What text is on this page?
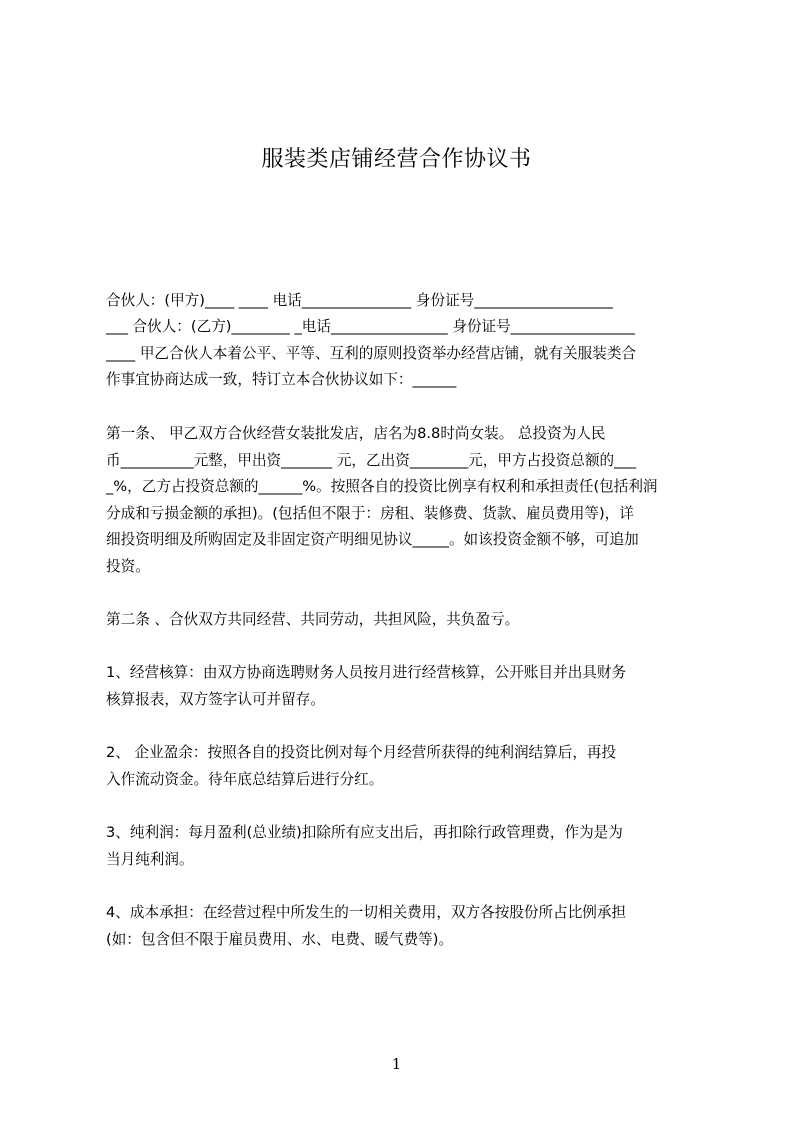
服装类店铺经营合作协议书
合伙人：(甲方)____ ____ 电话_______________ 身份证号___________________
___ 合伙人：(乙方)________ _电话________________ 身份证号_________________
____ 甲乙合伙人本着公平、平等、互利的原则投资举办经营店铺，就有关服装类合
作事宜协商达成一致，特订立本合伙协议如下：______
第一条、 甲乙双方合伙经营女装批发店，店名为8.8时尚女装。 总投资为人民
币__________元整，甲出资_______ 元，乙出资________元，甲方占投资总额的___
_%，乙方占投资总额的______%。按照各自的投资比例享有权利和承担责任(包括利润
分成和亏损金额的承担)。(包括但不限于：房租、装修费、货款、雇员费用等)，详
细投资明细及所购固定及非固定资产明细见协议_____。如该投资金额不够，可追加
投资。
第二条 、合伙双方共同经营、共同劳动，共担风险，共负盈亏。
1、经营核算：由双方协商选聘财务人员按月进行经营核算，公开账目并出具财务
核算报表，双方签字认可并留存。
2、 企业盈余：按照各自的投资比例对每个月经营所获得的纯利润结算后，再投
入作流动资金。待年底总结算后进行分红。
3、纯利润：每月盈利(总业绩)扣除所有应支出后，再扣除行政管理费，作为是为
当月纯利润。
4、成本承担：在经营过程中所发生的一切相关费用，双方各按股份所占比例承担
(如：包含但不限于雇员费用、水、电费、暖气费等)。
1
